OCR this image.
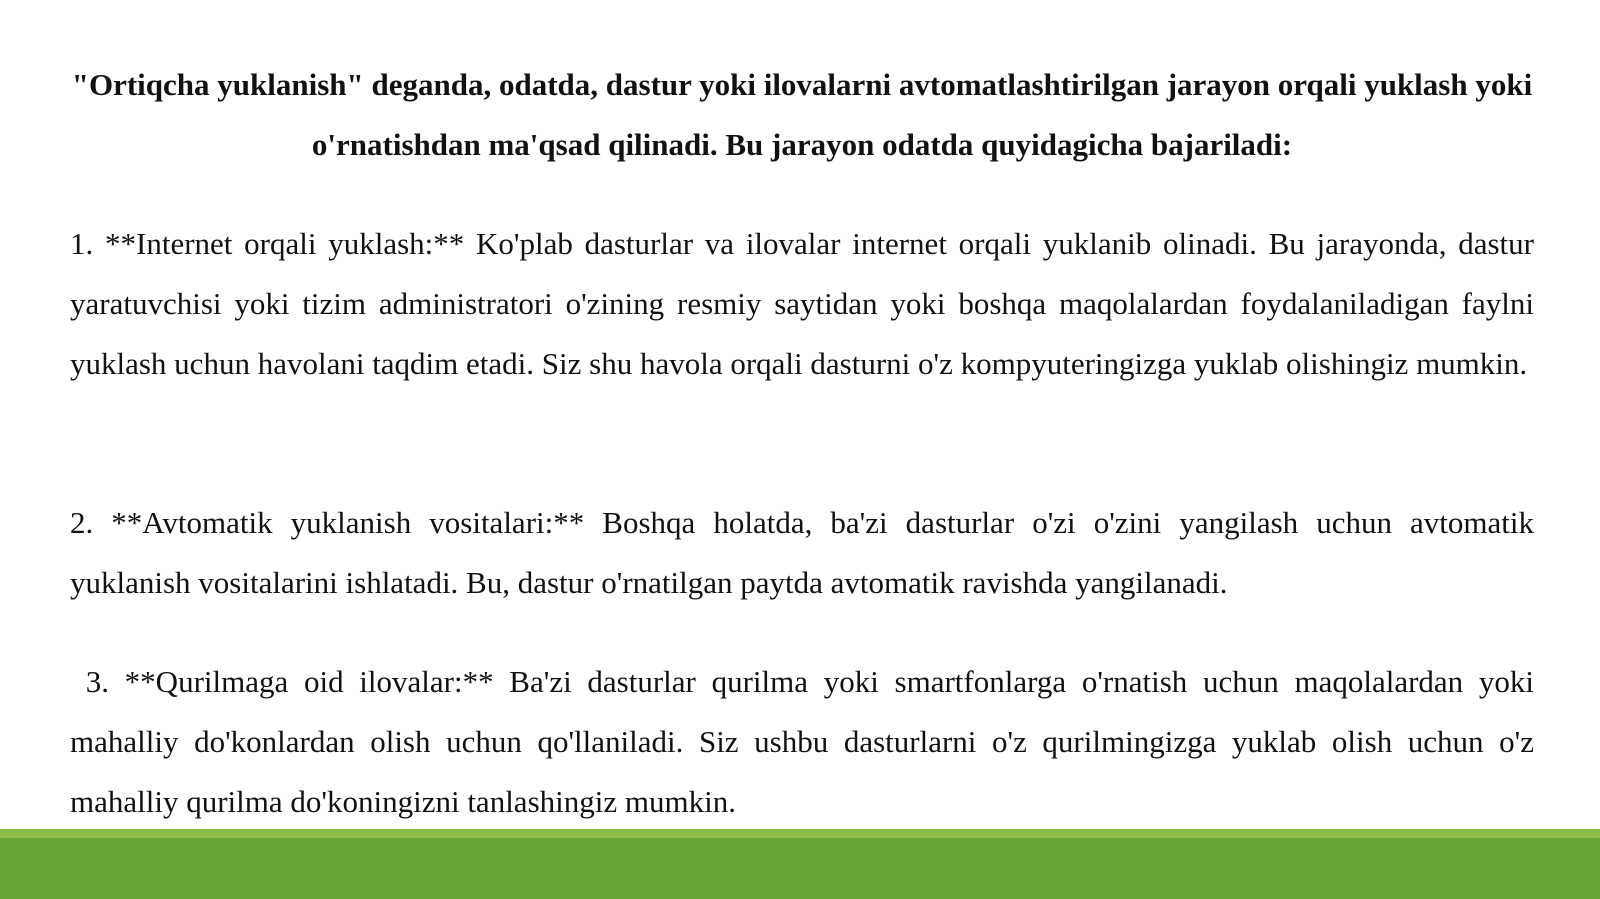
"Ortiqcha yuklanish" deganda, odatda, dastur yoki ilovalarni avtomatlashtirilgan jarayon orqali yuklash yoki o'rnatishdan ma'qsad qilinadi. Bu jarayon odatda quyidagicha bajariladi:

1. **Internet orqali yuklash:** Ko'plab dasturlar va ilovalar internet orqali yuklanib olinadi. Bu jarayonda, dastur yaratuvchisi yoki tizim administratori o'zining resmiy saytidan yoki boshqa maqolalardan foydalaniladigan faylni yuklash uchun havolani taqdim etadi. Siz shu havola orqali dasturni o'z kompyuteringizga yuklab olishingiz mumkin.

2. **Avtomatik yuklanish vositalari:** Boshqa holatda, ba'zi dasturlar o'zi o'zini yangilash uchun avtomatik yuklanish vositalarini ishlatadi. Bu, dastur o'rnatilgan paytda avtomatik ravishda yangilanadi.

3. **Qurilmaga oid ilovalar:** Ba'zi dasturlar qurilma yoki smartfonlarga o'rnatish uchun maqolalardan yoki mahalliy do'konlardan olish uchun qo'llaniladi. Siz ushbu dasturlarni o'z qurilmingizga yuklab olish uchun o'z mahalliy qurilma do'koningizni tanlashingiz mumkin.
